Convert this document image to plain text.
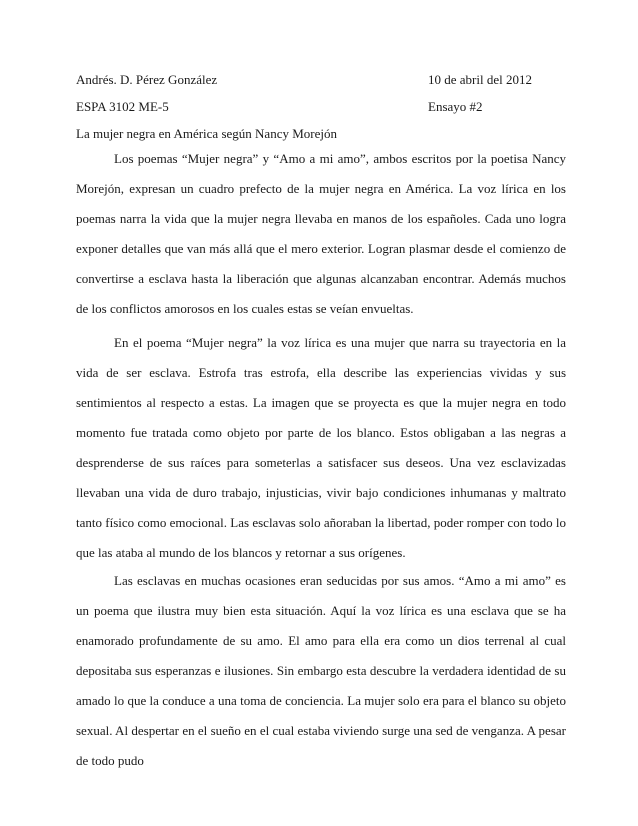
Andrés. D. Pérez González	10 de abril del 2012
ESPA 3102 ME-5	Ensayo #2
La mujer negra en América según Nancy Morejón

Los poemas “Mujer negra” y “Amo a mi amo”, ambos escritos por la poetisa Nancy Morejón, expresan un cuadro prefecto de la mujer negra en América. La voz lírica en los poemas narra la vida que la mujer negra llevaba en manos de los españoles. Cada uno logra exponer detalles que van más allá que el mero exterior. Logran plasmar desde el comienzo de convertirse a esclava hasta la liberación que algunas alcanzaban encontrar. Además muchos de los conflictos amorosos en los cuales estas se veían envueltas.

En el poema “Mujer negra” la voz lírica es una mujer que narra su trayectoria en la vida de ser esclava. Estrofa tras estrofa, ella describe las experiencias vividas y sus sentimientos al respecto a estas. La imagen que se proyecta es que la mujer negra en todo momento fue tratada como objeto por parte de los blanco. Estos obligaban a las negras a desprenderse de sus raíces para someterlas a satisfacer sus deseos. Una vez esclavizadas llevaban una vida de duro trabajo, injusticias, vivir bajo condiciones inhumanas y maltrato tanto físico como emocional. Las esclavas solo añoraban la libertad, poder romper con todo lo que las ataba al mundo de los blancos y retornar a sus orígenes.

Las esclavas en muchas ocasiones eran seducidas por sus amos. “Amo a mi amo” es un poema que ilustra muy bien esta situación. Aquí la voz lírica es una esclava que se ha enamorado profundamente de su amo. El amo para ella era como un dios terrenal al cual depositaba sus esperanzas e ilusiones. Sin embargo esta descubre la verdadera identidad de su amado lo que la conduce a una toma de conciencia. La mujer solo era para el blanco su objeto sexual. Al despertar en el sueño en el cual estaba viviendo surge una sed de venganza. A pesar de todo pudo
